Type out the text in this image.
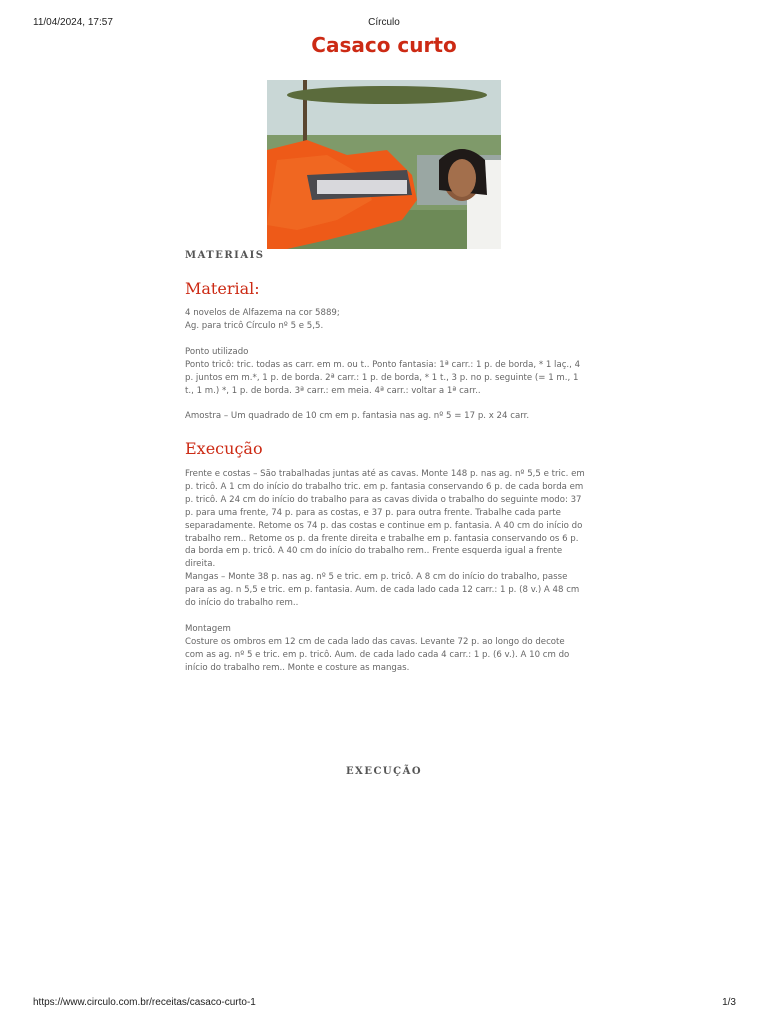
11/04/2024, 17:57	Círculo
Casaco curto
MATERIAIS
Material:

4 novelos de Alfazema na cor 5889;

Ag. para tricô Círculo nº 5 e 5,5.

Ponto utilizado

Ponto tricô: tric. todas as carr. em m. ou t.. Ponto fantasia: 1ª carr.: 1 p. de borda, * 1 laç., 4 p. juntos em m.*, 1 p. de borda. 2ª carr.: 1 p. de borda, * 1 t., 3 p. no p. seguinte (= 1 m., 1 t., 1 m.) *, 1 p. de borda. 3ª carr.: em meia. 4ª carr.: voltar a 1ª carr..

Amostra – Um quadrado de 10 cm em p. fantasia nas ag. nº 5 = 17 p. x 24 carr.

Execução

Frente e costas – São trabalhadas juntas até as cavas. Monte 148 p. nas ag. nº 5,5 e tric. em p. tricô. A 1 cm do início do trabalho tric. em p. fantasia conservando 6 p. de cada borda em p. tricô. A 24 cm do início do trabalho para as cavas divida o trabalho do seguinte modo: 37 p. para uma frente, 74 p. para as costas, e 37 p. para outra frente. Trabalhe cada parte separadamente. Retome os 74 p. das costas e continue em p. fantasia. A 40 cm do início do trabalho rem.. Retome os p. da frente direita e trabalhe em p. fantasia conservando os 6 p. da borda em p. tricô. A 40 cm do início do trabalho rem.. Frente esquerda igual a frente direita.

Mangas – Monte 38 p. nas ag. nº 5 e tric. em p. tricô. A 8 cm do início do trabalho, passe para as ag. n 5,5 e tric. em p. fantasia. Aum. de cada lado cada 12 carr.: 1 p. (8 v.) A 48 cm do início do trabalho rem..

Montagem

Costure os ombros em 12 cm de cada lado das cavas. Levante 72 p. ao longo do decote com as ag. nº 5 e tric. em p. tricô. Aum. de cada lado cada 4 carr.: 1 p. (6 v.). A 10 cm do início do trabalho rem.. Monte e costure as mangas.

EXECUÇÃO
https://www.circulo.com.br/receitas/casaco-curto-1	1/3
